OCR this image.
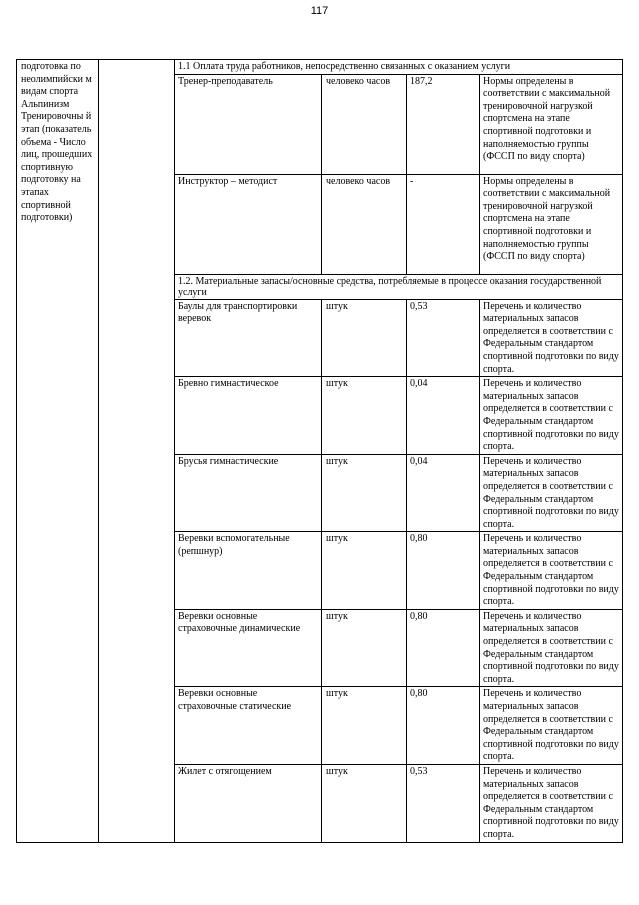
117
подготовка по неолимпийски м видам спорта Альпинизм Тренировочны й этап (показатель объема - Число лиц, прошедших спортивную подготовку на этапах спортивной подготовки)		1.1 Оплата труда работников, непосредственно связанных с оказанием услуги			
		Тренер-преподаватель	человеко часов	187,2	Нормы определены в соответствии с максимальной тренировочной нагрузкой спортсмена на этапе спортивной подготовки и наполняемостью группы (ФССП по виду спорта)
		Инструктор – методист	человеко часов	-	Нормы определены в соответствии с максимальной тренировочной нагрузкой спортсмена на этапе спортивной подготовки и наполняемостью группы (ФССП по виду спорта)
		1.2. Материальные запасы/основные средства, потребляемые в процессе оказания государственной услуги			
		Баулы для транспортировки веревок	штук	0,53	Перечень и количество материальных запасов определяется в соответствии с Федеральным стандартом спортивной подготовки по виду спорта.
		Бревно гимнастическое	штук	0,04	Перечень и количество материальных запасов определяется в соответствии с Федеральным стандартом спортивной подготовки по виду спорта.
		Брусья гимнастические	штук	0,04	Перечень и количество материальных запасов определяется в соответствии с Федеральным стандартом спортивной подготовки по виду спорта.
		Веревки вспомогательные (репшнур)	штук	0,80	Перечень и количество материальных запасов определяется в соответствии с Федеральным стандартом спортивной подготовки по виду спорта.
		Веревки основные страховочные динамические	штук	0,80	Перечень и количество материальных запасов определяется в соответствии с Федеральным стандартом спортивной подготовки по виду спорта.
		Веревки основные страховочные статические	штук	0,80	Перечень и количество материальных запасов определяется в соответствии с Федеральным стандартом спортивной подготовки по виду спорта.
		Жилет с отягощением	штук	0,53	Перечень и количество материальных запасов определяется в соответствии с Федеральным стандартом спортивной подготовки по виду спорта.
